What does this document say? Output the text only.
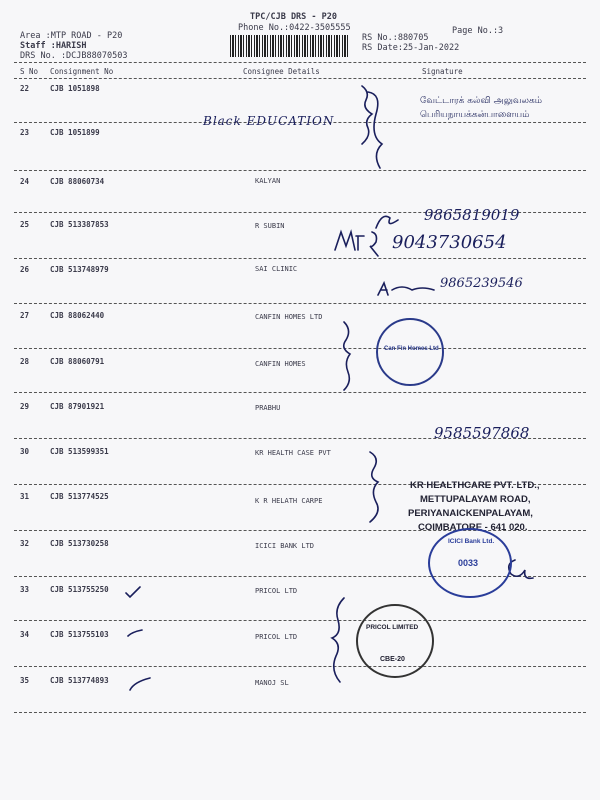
TPC/CJB DRS - P20
Phone No.:0422-3505555
Area :MTP ROAD - P20
Staff :HARISH
DRS No. :DCJB88070503
RS No.:880705
RS Date:25-Jan-2022
Page No.:3
S No Consignment No	Consignee Details	Signature
22	CJB 1051898
23	CJB 1051899
24	CJB 88060734	KALYAN
25	CJB 513387853	R SUBIN
26	CJB 513748979	SAI CLINIC
27	CJB 88062440	CANFIN HOMES LTD
28	CJB 88060791	CANFIN HOMES
29	CJB 87901921	PRABHU
30	CJB 513599351	KR HEALTH CASE PVT
31	CJB 513774525	K R HELATH CARPE
32	CJB 513730258	ICICI BANK LTD
33	CJB 513755250	PRICOL LTD
34	CJB 513755103	PRICOL LTD
35	CJB 513774893	MANOJ SL
Black EDUCATION
வேட்டாரக் கல்வி அலுவலகம்
பெரியநாயக்கன்பாளையம்
9865819019
9043730654
9865239546
9585597868
Can Fin Homes Ltd
KR HEALTHCARE PVT. LTD.,
METTUPALAYAM ROAD,
PERIYANAICKENPALAYAM,
COIMBATORE - 641 020.
ICICI Bank Ltd.
0033
PRICOL LIMITED
CBE-20
